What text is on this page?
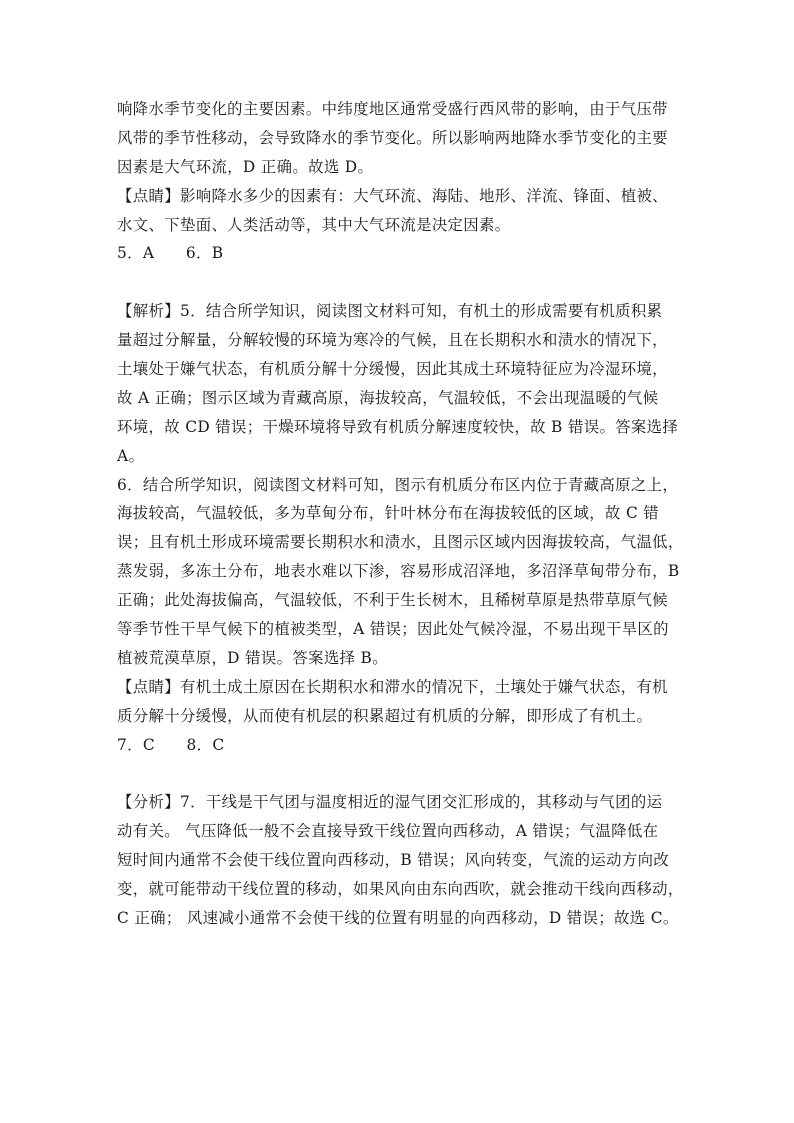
响降水季节变化的主要因素。中纬度地区通常受盛行西风带的影响，由于气压带
风带的季节性移动，会导致降水的季节变化。所以影响两地降水季节变化的主要
因素是大气环流，D 正确。故选 D。
【点睛】影响降水多少的因素有：大气环流、海陆、地形、洋流、锋面、植被、
水文、下垫面、人类活动等，其中大气环流是决定因素。
5．A　　6．B
【解析】5．结合所学知识，阅读图文材料可知，有机土的形成需要有机质积累
量超过分解量，分解较慢的环境为寒冷的气候，且在长期积水和渍水的情况下，
土壤处于嫌气状态，有机质分解十分缓慢，因此其成土环境特征应为冷湿环境，
故 A 正确；图示区域为青藏高原，海拔较高，气温较低，不会出现温暖的气候
环境，故 CD 错误；干燥环境将导致有机质分解速度较快，故 B 错误。答案选择
A。
6．结合所学知识，阅读图文材料可知，图示有机质分布区内位于青藏高原之上，
海拔较高，气温较低，多为草甸分布，针叶林分布在海拔较低的区域，故 C 错
误；且有机土形成环境需要长期积水和渍水，且图示区域内因海拔较高，气温低，
蒸发弱，多冻土分布，地表水难以下渗，容易形成沼泽地，多沼泽草甸带分布，B
正确；此处海拔偏高，气温较低，不利于生长树木，且稀树草原是热带草原气候
等季节性干旱气候下的植被类型，A 错误；因此处气候冷湿，不易出现干旱区的
植被荒漠草原，D 错误。答案选择 B。
【点睛】有机土成土原因在长期积水和滞水的情况下，土壤处于嫌气状态，有机
质分解十分缓慢，从而使有机层的积累超过有机质的分解，即形成了有机土。
7．C　　8．C
【分析】7．干线是干气团与温度相近的湿气团交汇形成的，其移动与气团的运
动有关。 气压降低一般不会直接导致干线位置向西移动，A 错误；气温降低在
短时间内通常不会使干线位置向西移动，B 错误；风向转变，气流的运动方向改
变，就可能带动干线位置的移动，如果风向由东向西吹，就会推动干线向西移动，
C 正确； 风速减小通常不会使干线的位置有明显的向西移动，D 错误；故选 C。
